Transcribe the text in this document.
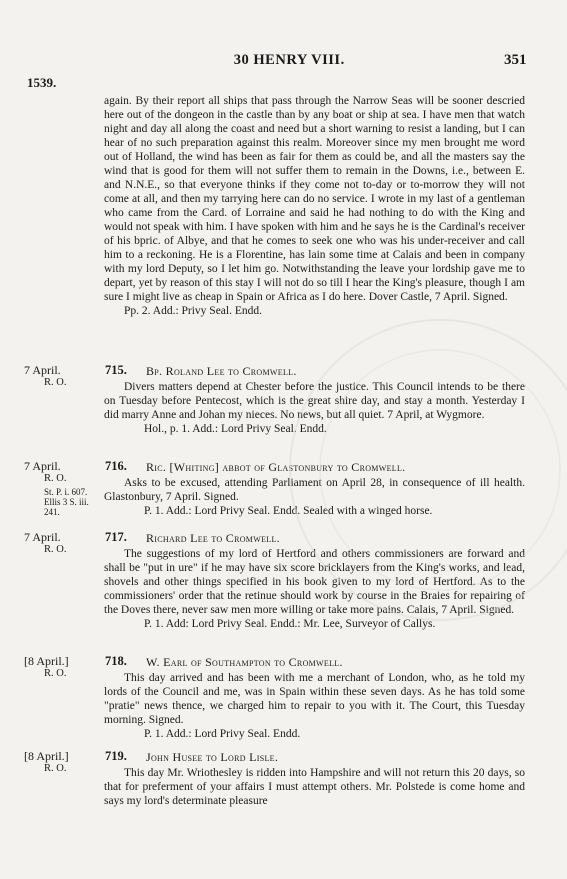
30 HENRY VIII.	351
1539.

again. By their report all ships that pass through the Narrow Seas will be sooner descried here out of the dongeon in the castle than by any boat or ship at sea. I have men that watch night and day all along the coast and need but a short warning to resist a landing, but I can hear of no such preparation against this realm. Moreover since my men brought me word out of Holland, the wind has been as fair for them as could be, and all the masters say the wind that is good for them will not suffer them to remain in the Downs, i.e., between E. and N.N.E., so that everyone thinks if they come not to-day or to-morrow they will not come at all, and then my tarrying here can do no service. I wrote in my last of a gentleman who came from the Card. of Lorraine and said he had nothing to do with the King and would not speak with him. I have spoken with him and he says he is the Cardinal's receiver of his bpric. of Albye, and that he comes to seek one who was his under-receiver and call him to a reckoning. He is a Florentine, has lain some time at Calais and been in company with my lord Deputy, so I let him go. Notwithstanding the leave your lordship gave me to depart, yet by reason of this stay I will not do so till I hear the King's pleasure, though I am sure I might live as cheap in Spain or Africa as I do here. Dover Castle, 7 April. Signed.

Pp. 2. Add.: Privy Seal. Endd.

7 April.
R. O.
715. Bp. Roland Lee to Cromwell.

Divers matters depend at Chester before the justice. This Council intends to be there on Tuesday before Pentecost, which is the great shire day, and stay a month. Yesterday I did marry Anne and Johan my nieces. No news, but all quiet. 7 April, at Wygmore.

Hol., p. 1. Add.: Lord Privy Seal. Endd.

7 April.
R. O.
St. P. i. 607. Ellis 3 S. iii. 241.
716. Ric. [Whiting] abbot of Glastonbury to Cromwell.

Asks to be excused, attending Parliament on April 28, in consequence of ill health. Glastonbury, 7 April. Signed.

P. 1. Add.: Lord Privy Seal. Endd. Sealed with a winged horse.

7 April.
R. O.
717. Richard Lee to Cromwell.

The suggestions of my lord of Hertford and others commissioners are forward and shall be "put in ure" if he may have six score bricklayers from the King's works, and lead, shovels and other things specified in his book given to my lord of Hertford. As to the commissioners' order that the retinue should work by course in the Braies for repairing of the Doves there, never saw men more willing or take more pains. Calais, 7 April. Signed.

P. 1. Add: Lord Privy Seal. Endd.: Mr. Lee, Surveyor of Callys.

[8 April.]
R. O.
718. W. Earl of Southampton to Cromwell.

This day arrived and has been with me a merchant of London, who, as he told my lords of the Council and me, was in Spain within these seven days. As he has told some "pratie" news thence, we charged him to repair to you with it. The Court, this Tuesday morning. Signed.

P. 1. Add.: Lord Privy Seal. Endd.

[8 April.]
R. O.
719. John Husee to Lord Lisle.

This day Mr. Wriothesley is ridden into Hampshire and will not return this 20 days, so that for preferment of your affairs I must attempt others. Mr. Polstede is come home and says my lord's determinate pleasure
